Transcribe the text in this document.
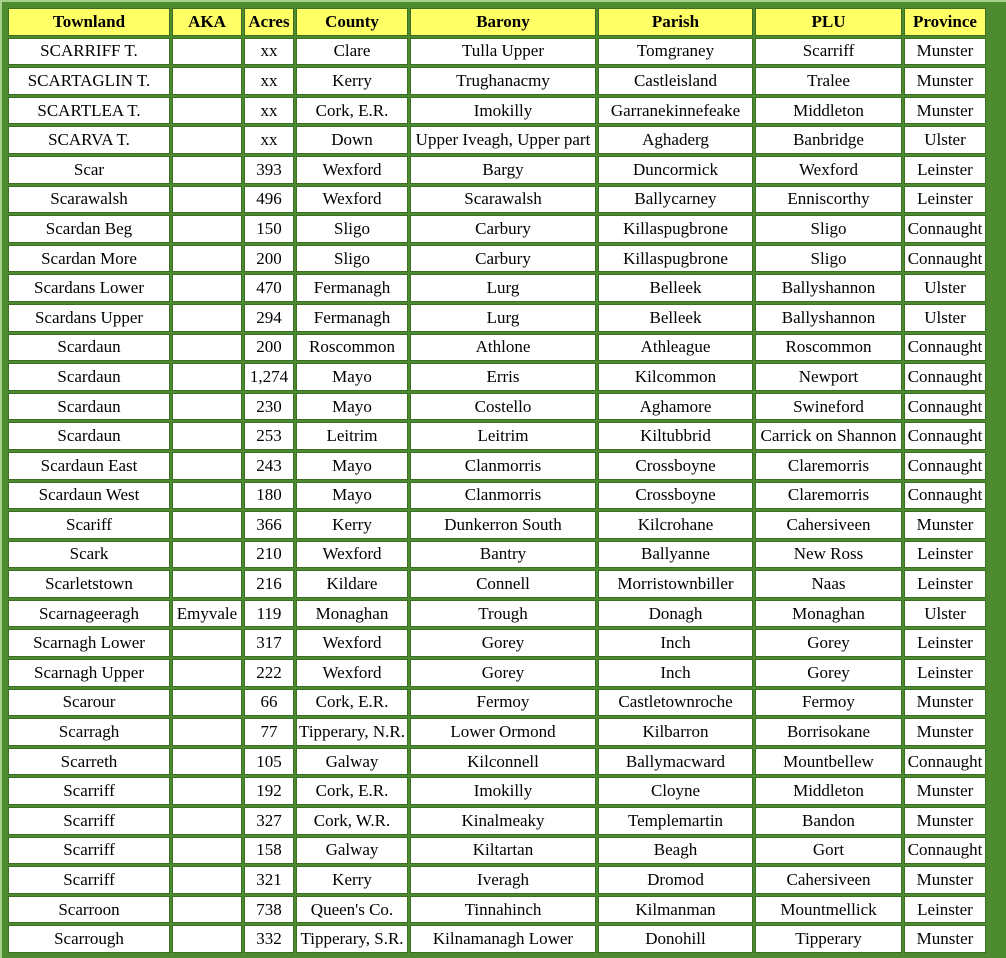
Townland	AKA	Acres	County	Barony	Parish	PLU	Province
SCARRIFF T.		xx	Clare	Tulla Upper	Tomgraney	Scarriff	Munster
SCARTAGLIN T.		xx	Kerry	Trughanacmy	Castleisland	Tralee	Munster
SCARTLEA T.		xx	Cork, E.R.	Imokilly	Garranekinnefeake	Middleton	Munster
SCARVA T.		xx	Down	Upper Iveagh, Upper part	Aghaderg	Banbridge	Ulster
Scar		393	Wexford	Bargy	Duncormick	Wexford	Leinster
Scarawalsh		496	Wexford	Scarawalsh	Ballycarney	Enniscorthy	Leinster
Scardan Beg		150	Sligo	Carbury	Killaspugbrone	Sligo	Connaught
Scardan More		200	Sligo	Carbury	Killaspugbrone	Sligo	Connaught
Scardans Lower		470	Fermanagh	Lurg	Belleek	Ballyshannon	Ulster
Scardans Upper		294	Fermanagh	Lurg	Belleek	Ballyshannon	Ulster
Scardaun		200	Roscommon	Athlone	Athleague	Roscommon	Connaught
Scardaun		1,274	Mayo	Erris	Kilcommon	Newport	Connaught
Scardaun		230	Mayo	Costello	Aghamore	Swineford	Connaught
Scardaun		253	Leitrim	Leitrim	Kiltubbrid	Carrick on Shannon	Connaught
Scardaun East		243	Mayo	Clanmorris	Crossboyne	Claremorris	Connaught
Scardaun West		180	Mayo	Clanmorris	Crossboyne	Claremorris	Connaught
Scariff		366	Kerry	Dunkerron South	Kilcrohane	Cahersiveen	Munster
Scark		210	Wexford	Bantry	Ballyanne	New Ross	Leinster
Scarletstown		216	Kildare	Connell	Morristownbiller	Naas	Leinster
Scarnageeragh	Emyvale	119	Monaghan	Trough	Donagh	Monaghan	Ulster
Scarnagh Lower		317	Wexford	Gorey	Inch	Gorey	Leinster
Scarnagh Upper		222	Wexford	Gorey	Inch	Gorey	Leinster
Scarour		66	Cork, E.R.	Fermoy	Castletownroche	Fermoy	Munster
Scarragh		77	Tipperary, N.R.	Lower Ormond	Kilbarron	Borrisokane	Munster
Scarreth		105	Galway	Kilconnell	Ballymacward	Mountbellew	Connaught
Scarriff		192	Cork, E.R.	Imokilly	Cloyne	Middleton	Munster
Scarriff		327	Cork, W.R.	Kinalmeaky	Templemartin	Bandon	Munster
Scarriff		158	Galway	Kiltartan	Beagh	Gort	Connaught
Scarriff		321	Kerry	Iveragh	Dromod	Cahersiveen	Munster
Scarroon		738	Queen's Co.	Tinnahinch	Kilmanman	Mountmellick	Leinster
Scarrough		332	Tipperary, S.R.	Kilnamanagh Lower	Donohill	Tipperary	Munster
